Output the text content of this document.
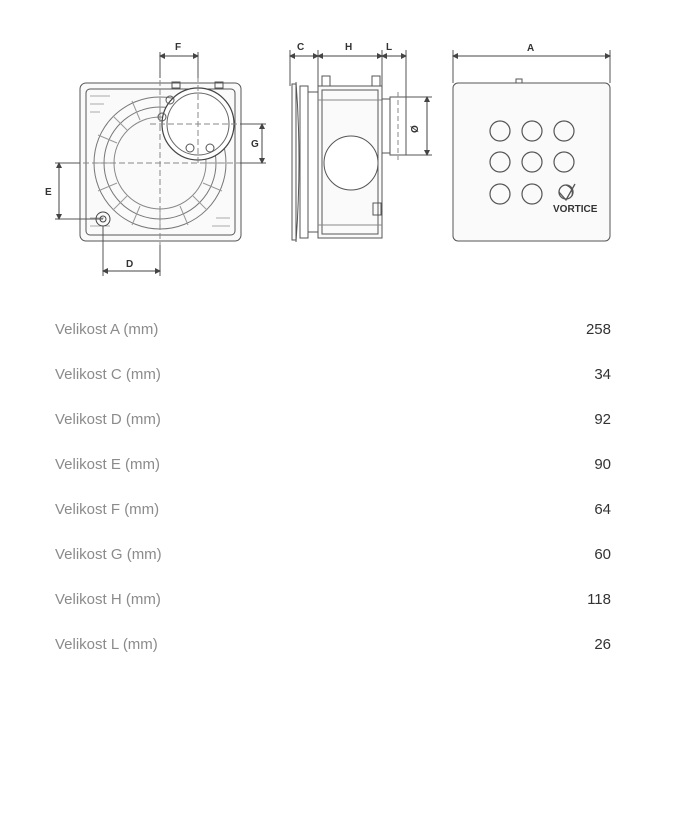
F
G
E
D
C	H	L
Ø
VORTICE
A
Velikost A (mm)	258
Velikost C (mm)	34
Velikost D (mm)	92
Velikost E (mm)	90
Velikost F (mm)	64
Velikost G (mm)	60
Velikost H (mm)	118
Velikost L (mm)	26
